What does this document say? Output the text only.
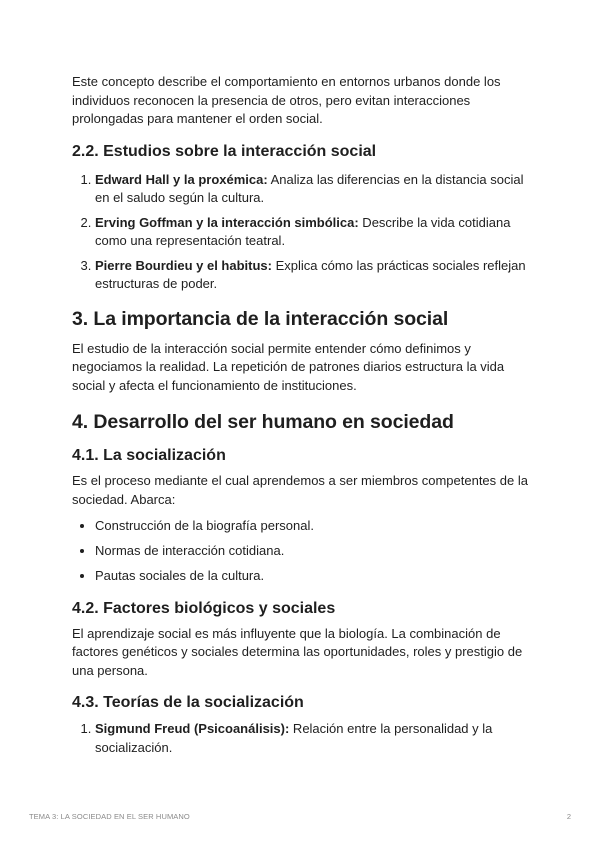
Este concepto describe el comportamiento en entornos urbanos donde los individuos reconocen la presencia de otros, pero evitan interacciones prolongadas para mantener el orden social.

2.2. Estudios sobre la interacción social
1. Edward Hall y la proxémica: Analiza las diferencias en la distancia social en el saludo según la cultura.
2. Erving Goffman y la interacción simbólica: Describe la vida cotidiana como una representación teatral.
3. Pierre Bourdieu y el habitus: Explica cómo las prácticas sociales reflejan estructuras de poder.
3. La importancia de la interacción social

El estudio de la interacción social permite entender cómo definimos y negociamos la realidad. La repetición de patrones diarios estructura la vida social y afecta el funcionamiento de instituciones.

4. Desarrollo del ser humano en sociedad
4.1. La socialización

Es el proceso mediante el cual aprendemos a ser miembros competentes de la sociedad. Abarca:

• Construcción de la biografía personal.
• Normas de interacción cotidiana.
• Pautas sociales de la cultura.
4.2. Factores biológicos y sociales

El aprendizaje social es más influyente que la biología. La combinación de factores genéticos y sociales determina las oportunidades, roles y prestigio de una persona.

4.3. Teorías de la socialización
1. Sigmund Freud (Psicoanálisis): Relación entre la personalidad y la socialización.
TEMA 3: LA SOCIEDAD EN EL SER HUMANO	2
